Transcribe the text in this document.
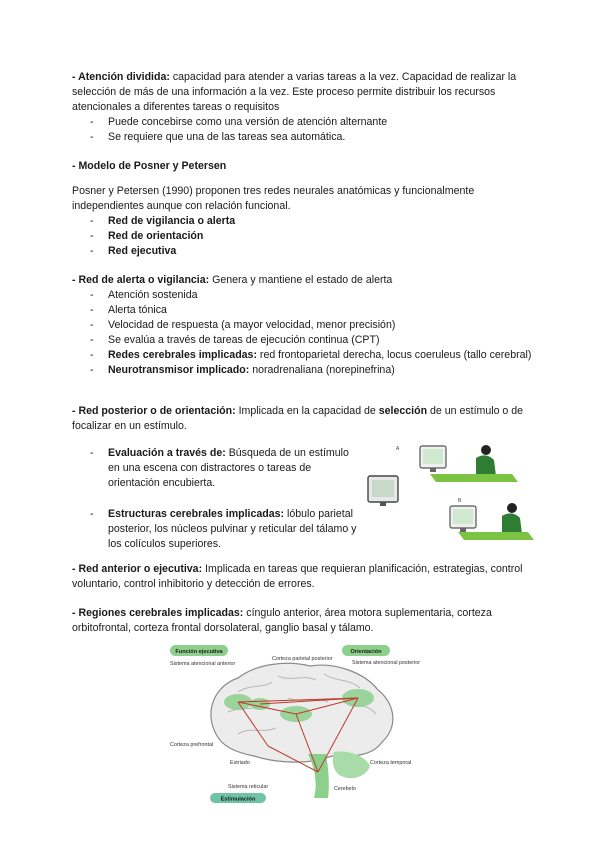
- Atención dividida: capacidad para atender a varias tareas a la vez. Capacidad de realizar la selección de más de una información a la vez. Este proceso permite distribuir los recursos atencionales a diferentes tareas o requisitos

- Puede concebirse como una versión de atención alternante
- Se requiere que una de las tareas sea automática.

- Modelo de Posner y Petersen

Posner y Petersen (1990) proponen tres redes neurales anatómicas y funcionalmente independientes aunque con relación funcional.

- Red de vigilancia o alerta
- Red de orientación
- Red ejecutiva

- Red de alerta o vigilancia: Genera y mantiene el estado de alerta

- Atención sostenida
- Alerta tónica
- Velocidad de respuesta (a mayor velocidad, menor precisión)
- Se evalúa a través de tareas de ejecución continua (CPT)
- Redes cerebrales implicadas: red frontoparietal derecha, locus coeruleus (tallo cerebral)
- Neurotransmisor implicado: noradrenaliana (norepinefrina)

- Red posterior o de orientación: Implicada en la capacidad de selección de un estímulo o de focalizar en un estímulo.

- Evaluación a través de: Búsqueda de un estímulo en una escena con distractores o tareas de orientación encubierta.
- Estructuras cerebrales implicadas: lóbulo parietal posterior, los núcleos pulvinar y reticular del tálamo y los colículos superiores.
A
B

- Red anterior o ejecutiva: Implicada en tareas que requieran planificación, estrategias, control voluntario, control inhibitorio y detección de errores.

- Regiones cerebrales implicadas: cíngulo anterior, área motora suplementaria, corteza orbitofrontal, corteza frontal dorsolateral, ganglio basal y tálamo.

Función ejecutiva	Orientación
Estimulación
Sistema atencional anterior
Corteza parietal posterior
Sistema atencional posterior
Corteza prefrontal
Estriado	Corteza temporal
Sistema reticular	Cerebelo
